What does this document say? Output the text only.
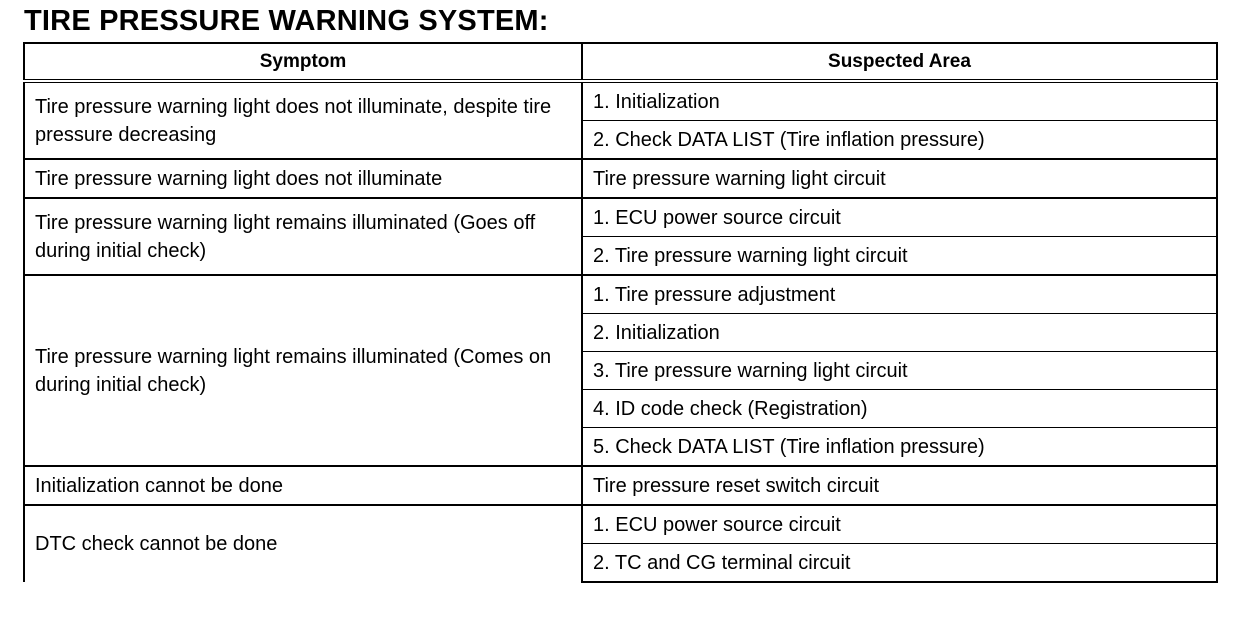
TIRE PRESSURE WARNING SYSTEM:
Symptom	Suspected Area
Tire pressure warning light does not illuminate, despite tire pressure decreasing	1. Initialization
	2. Check DATA LIST (Tire inflation pressure)
Tire pressure warning light does not illuminate	Tire pressure warning light circuit
Tire pressure warning light remains illuminated (Goes off during initial check)	1. ECU power source circuit
	2. Tire pressure warning light circuit
Tire pressure warning light remains illuminated (Comes on during initial check)	1. Tire pressure adjustment
	2. Initialization
	3. Tire pressure warning light circuit
	4. ID code check (Registration)
	5. Check DATA LIST (Tire inflation pressure)
Initialization cannot be done	Tire pressure reset switch circuit
DTC check cannot be done	1. ECU power source circuit
	2. TC and CG terminal circuit
